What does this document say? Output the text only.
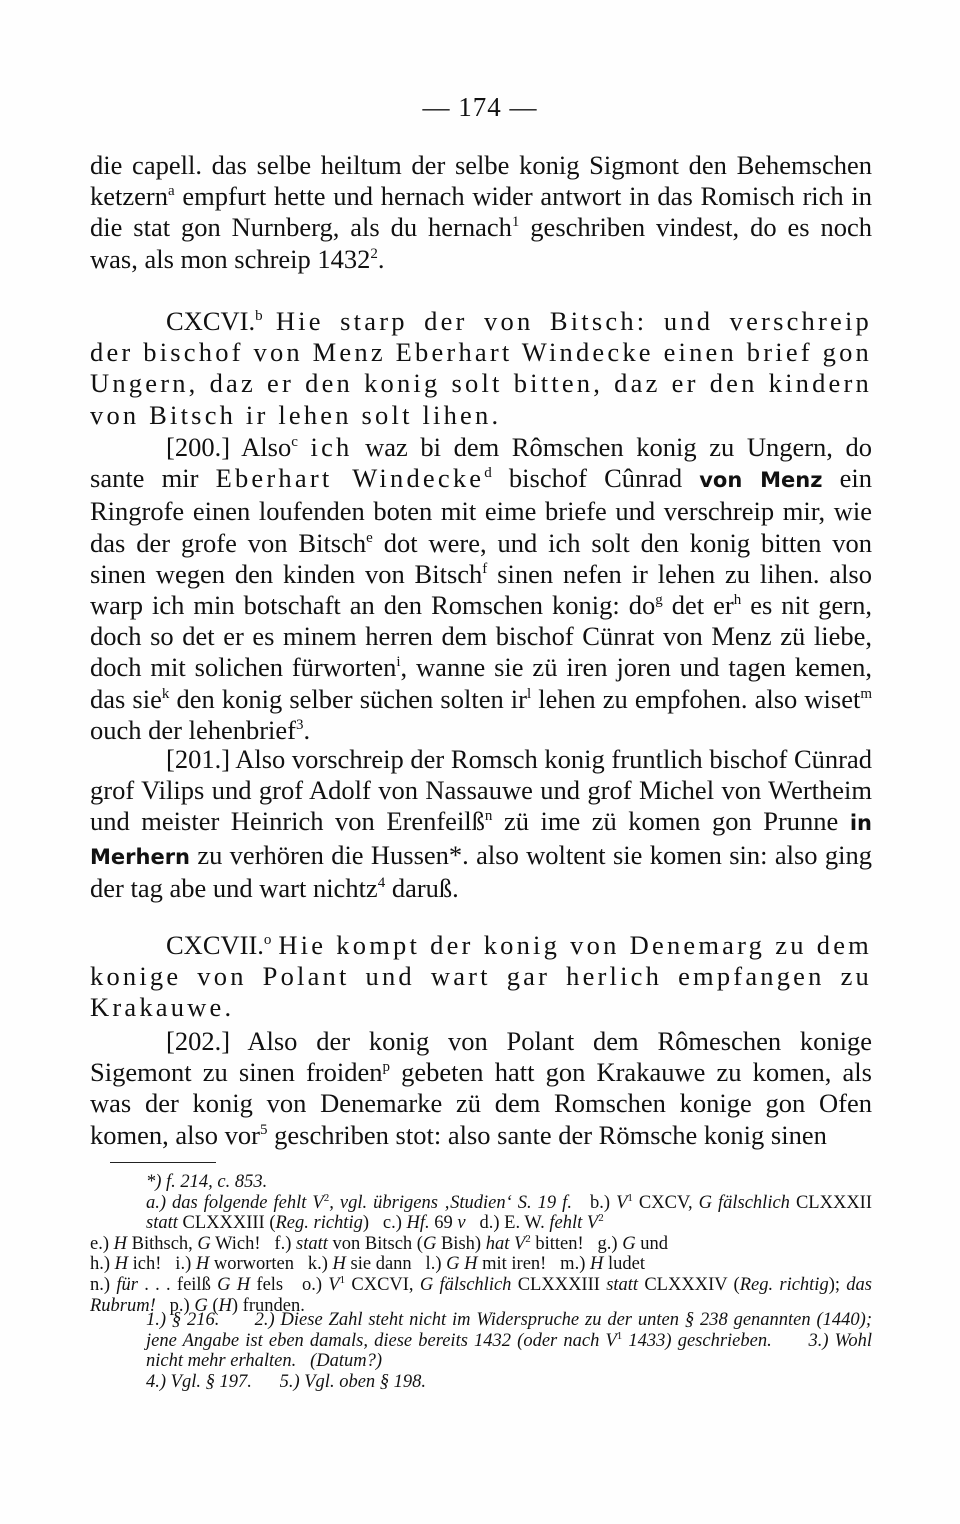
— 174 —

die capell. das selbe heiltum der selbe konig Sigmont den Behemschen ketzern$^a$ empfurt hette und hernach wider antwort in das Romisch rich in die stat gon Nurnberg, als du hernach$^1$ geschriben vindest, do es noch was, als mon schreip 1432$^2$.

CXCVI.$^b$ Hie starp der von Bitsch: und verschreip der bischof von Menz Eberhart Windecke einen brief gon Ungern, daz er den konig solt bitten, daz er den kindern von Bitsch ir lehen solt lihen.

[200.] Also$^c$ ich waz bi dem Rômschen konig zu Ungern, do sante mir Eberhart Windecke$^d$ bischof Cûnrad von Menz ein Ringrofe einen loufenden boten mit eime briefe und verschreip mir, wie das der grofe von Bitsch$^e$ dot were, und ich solt den konig bitten von sinen wegen den kinden von Bitsch$^f$ sinen nefen ir lehen zu lihen. also warp ich min botschaft an den Romschen konig: $do^g$ $\det er^h$ es nit gern, doch so det er es minem herren dem bischof Cünrat von Menz zü liebe, doch mit solichen fürworten$^i$, wanne sie zü iren joren und tagen kemen, das sie$^k$ den konig selber süchen solten $ir^l$ lehen zu empfohen. also wiset$^m$ ouch der lehenbrief$^3$.

[201.] Also vorschreip der Romsch konig fruntlich bischof Cünrad grof Vilips und grof Adolf von Nassauwe und grof Michel von Wertheim und meister Heinrich von Erenfeilß$^n$ zü ime zü komen gon Prunne in Merhern zu verhören die Hussen*. also woltent sie komen sin: also ging der tag abe und wart nichtz$^4$ daruß.

CXCVII.$^o$ Hie kompt der konig von Denemarg zu dem konige von Polant und wart gar herlich empfangen zu Krakauwe.

[202.] Also der konig von Polant dem Rômeschen konige Sigemont zu sinen froiden$^p$ gebeten hatt gon Krakauwe zu komen, als was der konig von Denemarke zü dem Romschen konige gon Ofen komen, also vor$^5$ geschriben stot: also sante der Römsche konig sinen

*) f. 214, c. 853.

a.) das folgende fehlt $V^2$, vgl. übrigens ‚Studien‘ S. 19 f.   b.) $V^1$ CXCV, G fälschlich CLXXXII statt CLXXXIII (Reg. richtig)   c.) Hf. 69 v   d.) E. W. fehlt $V^2$

e.) H Bithsch, G Wich!   f.) statt von Bitsch (G Bish) hat $V^2$ bitten!   g.) G und

h.) H ich!   i.) H worworten   k.) H sie dann   l.) G H mit iren!   m.) H ludet

n.) für . . . feilß G H fels   o.) $V^1$ CXCVI, G fälschlich CLXXXIII statt CLXXXIV (Reg. richtig); das Rubrum!   p.) G (H) frunden.

1.) § 216.      2.) Diese Zahl steht nicht im Widerspruche zu der unten § 238 genannten (1440); jene Angabe ist eben damals, diese bereits 1432 (oder nach $V^1$ 1433) geschrieben.      3.) Wohl nicht mehr erhalten.   (Datum?)

4.) Vgl. § 197.      5.) Vgl. oben § 198.
